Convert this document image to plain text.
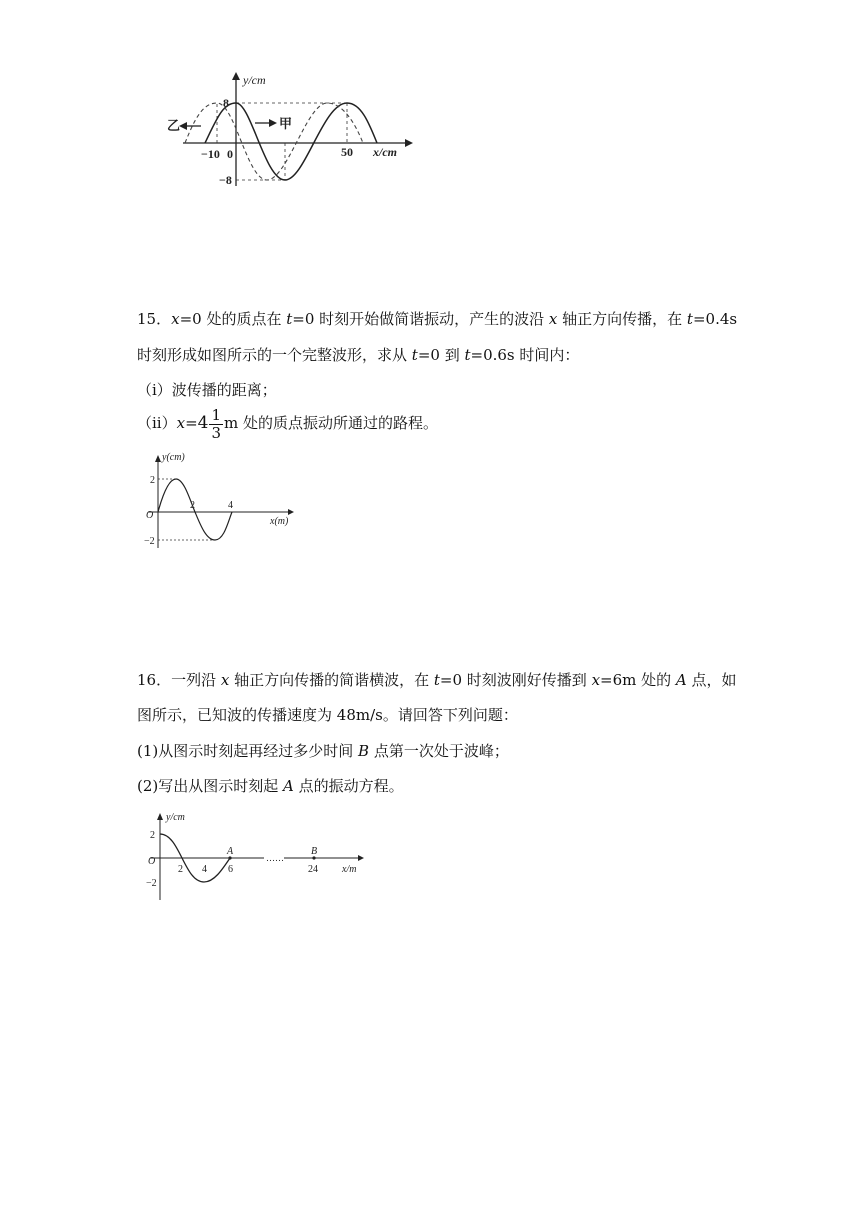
y/cm
8
−8
−10 0	50 x/cm
乙	甲
15．x=0 处的质点在 t=0 时刻开始做简谐振动，产生的波沿 x 轴正方向传播，在 t=0.4s
时刻形成如图所示的一个完整波形，求从 t=0 到 t=0.6s 时间内：
（i）波传播的距离；
$(ii)x=4 \frac{1}{3}$ m 处的质点振动所通过的路程。
y(cm)
2
−2
O
2	4
x(m)
16．一列沿 x 轴正方向传播的简谐横波，在 t=0 时刻波刚好传播到 x=6m 处的 A 点，如
图所示，已知波的传播速度为 48m/s。请回答下列问题：
(1)从图示时刻起再经过多少时间 B 点第一次处于波峰；
(2)写出从图示时刻起 A 点的振动方程。
y/cm
2
−2
O
2 4 6
A	B
24
……
x/m
